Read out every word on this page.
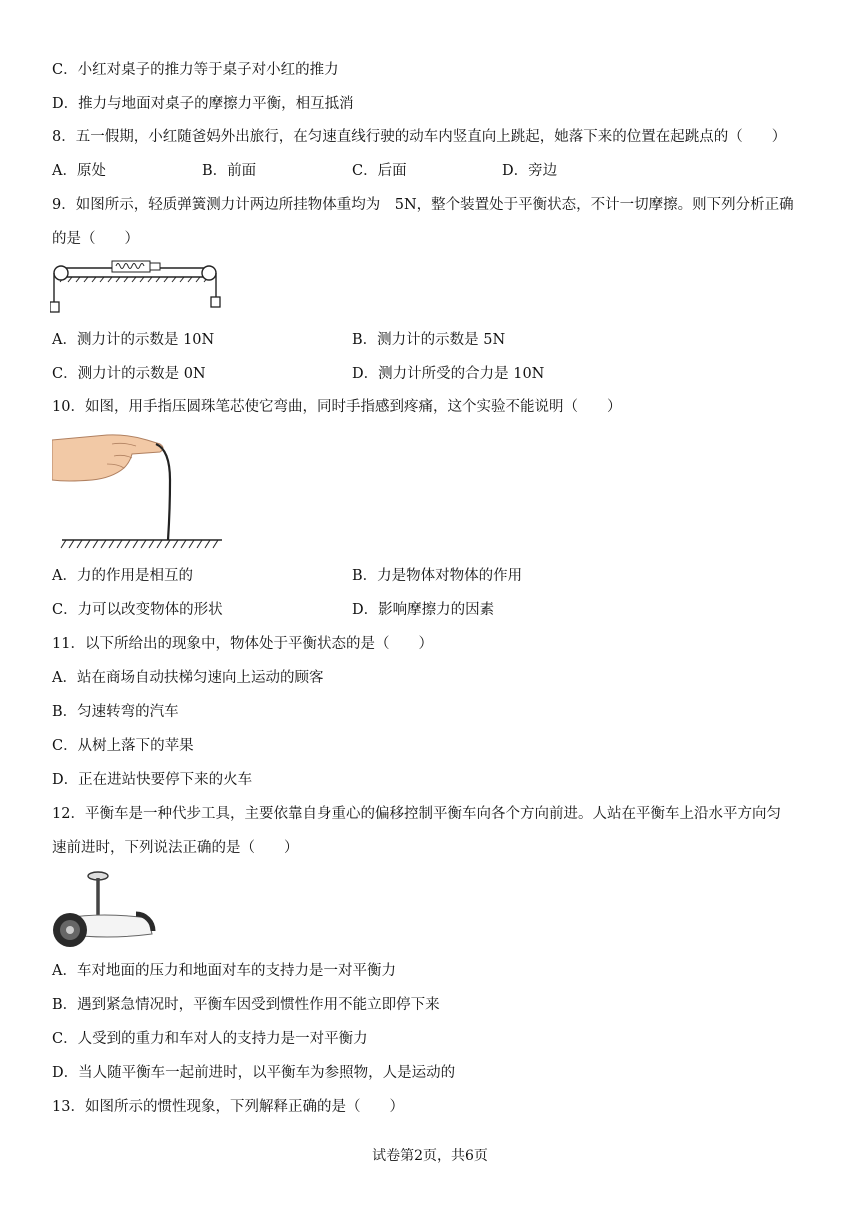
C．小红对桌子的推力等于桌子对小红的推力
D．推力与地面对桌子的摩擦力平衡，相互抵消
8．五一假期，小红随爸妈外出旅行，在匀速直线行驶的动车内竖直向上跳起，她落下来的位置在起跳点的（　　）
A．原处	B．前面	C．后面	D．旁边
9．如图所示，轻质弹簧测力计两边所挂物体重均为　5N，整个装置处于平衡状态，不计一切摩擦。则下列分析正确
的是（　　）
A．测力计的示数是 10N	B．测力计的示数是 5N
C．测力计的示数是 0N	D．测力计所受的合力是 10N
10．如图，用手指压圆珠笔芯使它弯曲，同时手指感到疼痛，这个实验不能说明（　　）
A．力的作用是相互的	B．力是物体对物体的作用
C．力可以改变物体的形状	D．影响摩擦力的因素
11．以下所给出的现象中，物体处于平衡状态的是（　　）
A．站在商场自动扶梯匀速向上运动的顾客
B．匀速转弯的汽车
C．从树上落下的苹果
D．正在进站快要停下来的火车
12．平衡车是一种代步工具，主要依靠自身重心的偏移控制平衡车向各个方向前进。人站在平衡车上沿水平方向匀
速前进时，下列说法正确的是（　　）
A．车对地面的压力和地面对车的支持力是一对平衡力
B．遇到紧急情况时，平衡车因受到惯性作用不能立即停下来
C．人受到的重力和车对人的支持力是一对平衡力
D．当人随平衡车一起前进时，以平衡车为参照物，人是运动的
13．如图所示的惯性现象，下列解释正确的是（　　）
试卷第2页，共6页
